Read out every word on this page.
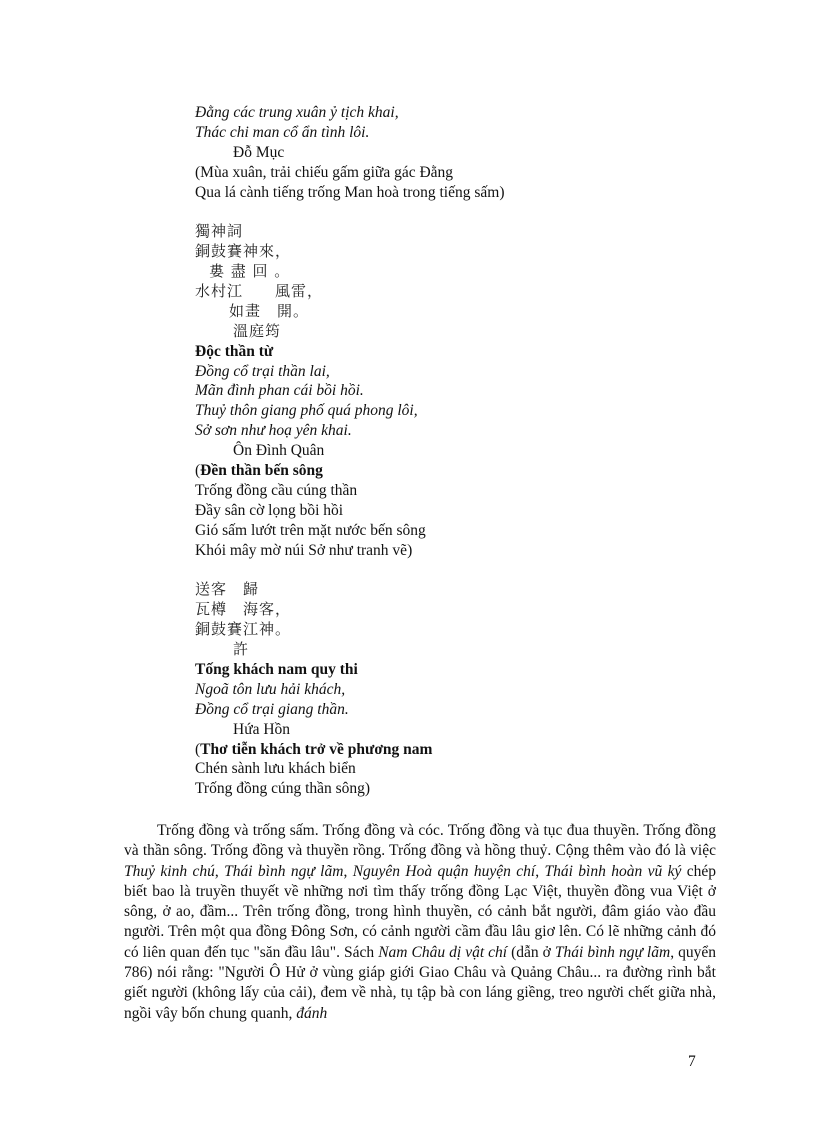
Đằng các trung xuân ỷ tịch khai,
Thác chi man cổ ẩn tình lôi.
Đỗ Mục
(Mùa xuân, trải chiếu gấm giữa gác Đằng
Qua lá cành tiếng trống Man hoà trong tiếng sấm)
獨神詞
銅鼓賽神來，
婁 盡 回 。
水村江　　風雷，
如畫　開。
溫庭筠
Độc thần từ
Đồng cổ trại thần lai,
Mãn đình phan cái bồi hồi.
Thuỷ thôn giang phố quá phong lôi,
Sở sơn như hoạ yên khai.
Ôn Đình Quân
(Đền thần bến sông
Trống đồng cầu cúng thần
Đầy sân cờ lọng bồi hồi
Gió sấm lướt trên mặt nước bến sông
Khói mây mờ núi Sở như tranh vẽ)
送客　歸
瓦樽　海客，
銅鼓賽江神。
許
Tống khách nam quy thi
Ngoã tôn lưu hải khách,
Đồng cổ trại giang thần.
Hứa Hồn
(Thơ tiễn khách trở về phương nam
Chén sành lưu khách biển
Trống đồng cúng thần sông)

Trống đồng và trống sấm. Trống đồng và cóc. Trống đồng và tục đua thuyền. Trống đồng và thần sông. Trống đồng và thuyền rồng. Trống đồng và hồng thuỷ. Cộng thêm vào đó là việc Thuỷ kinh chú, Thái bình ngự lãm, Nguyên Hoà quận huyện chí, Thái bình hoàn vũ ký chép biết bao là truyền thuyết về những nơi tìm thấy trống đồng Lạc Việt, thuyền đồng vua Việt ở sông, ở ao, đầm... Trên trống đồng, trong hình thuyền, có cảnh bắt người, đâm giáo vào đầu người. Trên một qua đồng Đông Sơn, có cảnh người cầm đầu lâu giơ lên. Có lẽ những cảnh đó có liên quan đến tục "săn đầu lâu". Sách Nam Châu dị vật chí (dẫn ở Thái bình ngự lãm, quyển 786) nói rằng: "Người Ô Hử ở vùng giáp giới Giao Châu và Quảng Châu... ra đường rình bắt giết người (không lấy của cải), đem về nhà, tụ tập bà con láng giềng, treo người chết giữa nhà, ngồi vây bốn chung quanh, đánh

7
